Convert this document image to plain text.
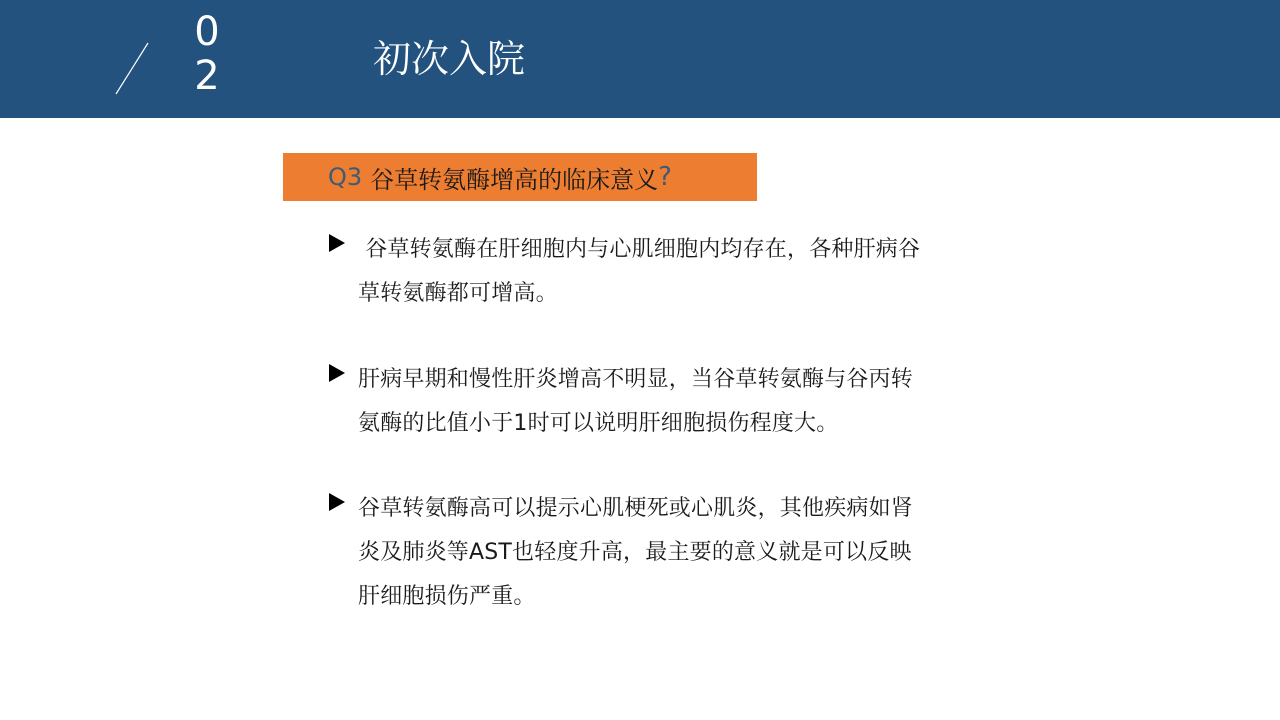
0
2	初次入院
Q3 谷草转氨酶增高的临床意义 ?
谷草转氨酶在肝细胞内与心肌细胞内均存在，各种肝病谷
草转氨酶都可增高。
肝病早期和慢性肝炎增高不明显，当谷草转氨酶与谷丙转
氨酶的比值小于1时可以说明肝细胞损伤程度大。
谷草转氨酶高可以提示心肌梗死或心肌炎，其他疾病如肾
炎及肺炎等AST也轻度升高，最主要的意义就是可以反映
肝细胞损伤严重。
